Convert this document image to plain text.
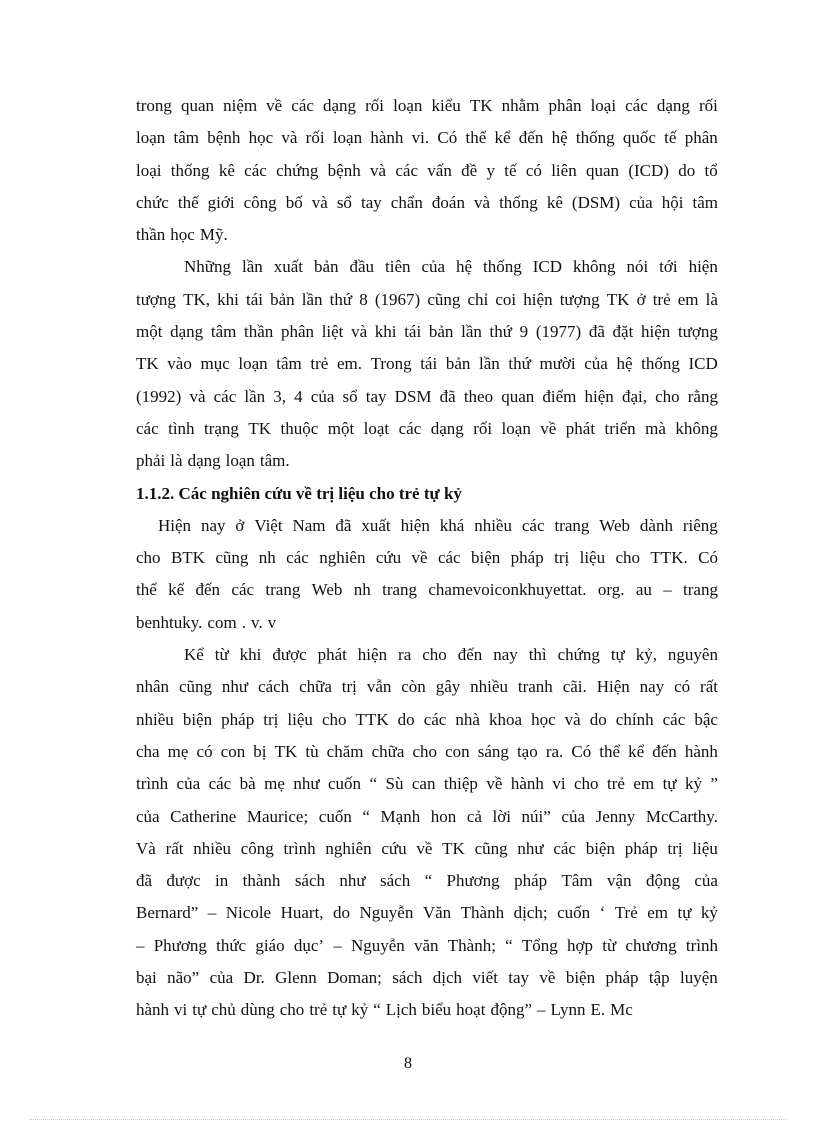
trong quan niệm về các dạng rối loạn kiểu TK nhằm phân loại các dạng rối
loạn tâm bệnh học và rối loạn hành vi. Có thể kể đến hệ thống quốc tế phân
loại thống kê các chứng bệnh và các vấn đề y tế có liên quan (ICD) do tổ
chức thế giới công bố và sổ tay chẩn đoán và thống kê (DSM) của hội tâm
thần học Mỹ.
Những lần xuất bản đầu tiên của hệ thống ICD không nói tới hiện
tượng TK, khi tái bản lần thứ 8 (1967) cũng chỉ coi hiện tượng TK ở trẻ em là
một dạng tâm thần phân liệt và khi tái bản lần thứ 9 (1977) đã đặt hiện tượng
TK vào mục loạn tâm trẻ em. Trong tái bản lần thứ mười của hệ thống ICD
(1992) và các lần 3, 4 của sổ tay DSM đã theo quan điểm hiện đại, cho rằng
các tình trạng TK thuộc một loạt các dạng rối loạn về phát triển mà không
phải là dạng loạn tâm.
1.1.2. Các nghiên cứu về trị liệu cho trẻ tự kỷ
Hiện nay ở Việt Nam đã xuất hiện khá nhiều các trang Web dành riêng
cho BTK cũng nh các nghiên cứu về các biện pháp trị liệu cho TTK. Có
thể kể đến các trang Web nh trang chamevoiconkhuyettat. org. au – trang
benhtuky. com . v. v
Kể từ khi được phát hiện ra cho đến nay thì chứng tự kỷ, nguyên
nhân cũng như cách chữa trị vẫn còn gây nhiều tranh cãi. Hiện nay có rất
nhiều biện pháp trị liệu cho TTK do các nhà khoa học và do chính các bậc
cha mẹ có con bị TK tù chăm chữa cho con sáng tạo ra. Có thể kể đến hành
trình của các bà mẹ như cuốn “ Sù can thiệp về hành vi cho trẻ em tự kỷ ”
của Catherine Maurice; cuốn “ Mạnh hon cả lời núi” của Jenny McCarthy.
Và rất nhiều công trình nghiên cứu về TK cũng như các biện pháp trị liệu
đã được in thành sách như sách “ Phương pháp Tâm vận động của
Bernard” – Nicole Huart, do Nguyễn Văn Thành dịch; cuốn ‘ Trẻ em tự kỷ
– Phương thức giáo dục’ – Nguyễn văn Thành; “ Tổng hợp từ chương trình
bại não” của Dr. Glenn Doman; sách dịch viết tay về biện pháp tập luyện
hành vi tự chủ dùng cho trẻ tự kỷ “ Lịch biểu hoạt động” – Lynn E. Mc
8
